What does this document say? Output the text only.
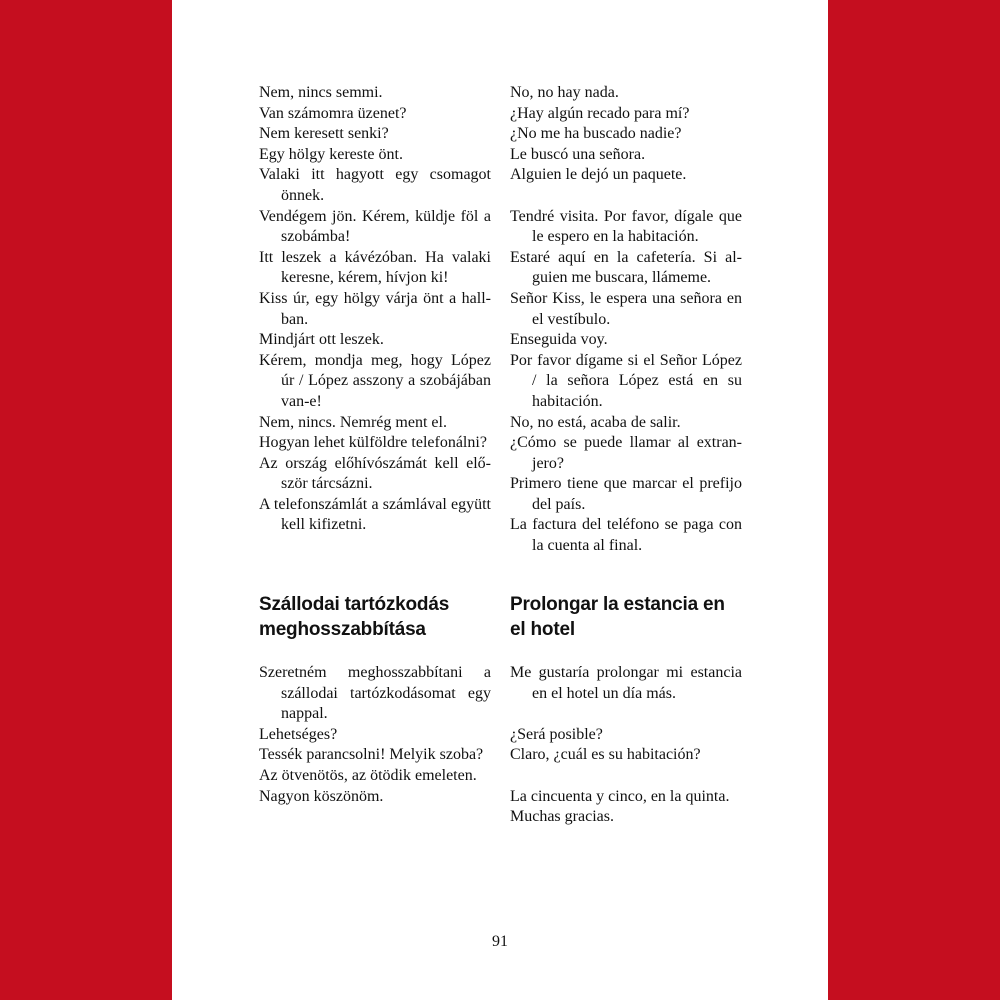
Nem, nincs semmi.
Van számomra üzenet?
Nem keresett senki?
Egy hölgy kereste önt.
Valaki itt hagyott egy csomagot önnek.
Vendégem jön. Kérem, küldje föl a szobámba!
Itt leszek a kávézóban. Ha valaki keresne, kérem, hívjon ki!
Kiss úr, egy hölgy várja önt a hallban.
Mindjárt ott leszek.
Kérem, mondja meg, hogy López úr / López asszony a szobájában van-e!
Nem, nincs. Nemrég ment el.
Hogyan lehet külföldre telefonálni?
Az ország előhívószámát kell először tárcsázni.
A telefonszámlát a számlával együtt kell kifizetni.
No, no hay nada.
¿Hay algún recado para mí?
¿No me ha buscado nadie?
Le buscó una señora.
Alguien le dejó un paquete.
Tendré visita. Por favor, dígale que le espero en la habitación.
Estaré aquí en la cafetería. Si alguien me buscara, llámeme.
Señor Kiss, le espera una señora en el vestíbulo.
Enseguida voy.
Por favor dígame si el Señor López / la señora López está en su habitación.
No, no está, acaba de salir.
¿Cómo se puede llamar al extranjero?
Primero tiene que marcar el prefijo del país.
La factura del teléfono se paga con la cuenta al final.
Szállodai tartózkodás meghosszabbítása
Prolongar la estancia en el hotel
Szeretném meghosszabbítani a szállodai tartózkodásomat egy nappal.
Lehetséges?
Tessék parancsolni! Melyik szoba?
Az ötvenötös, az ötödik emeleten.
Nagyon köszönöm.
Me gustaría prolongar mi estancia en el hotel un día más.
¿Será posible?
Claro, ¿cuál es su habitación?
La cincuenta y cinco, en la quinta.
Muchas gracias.
91
